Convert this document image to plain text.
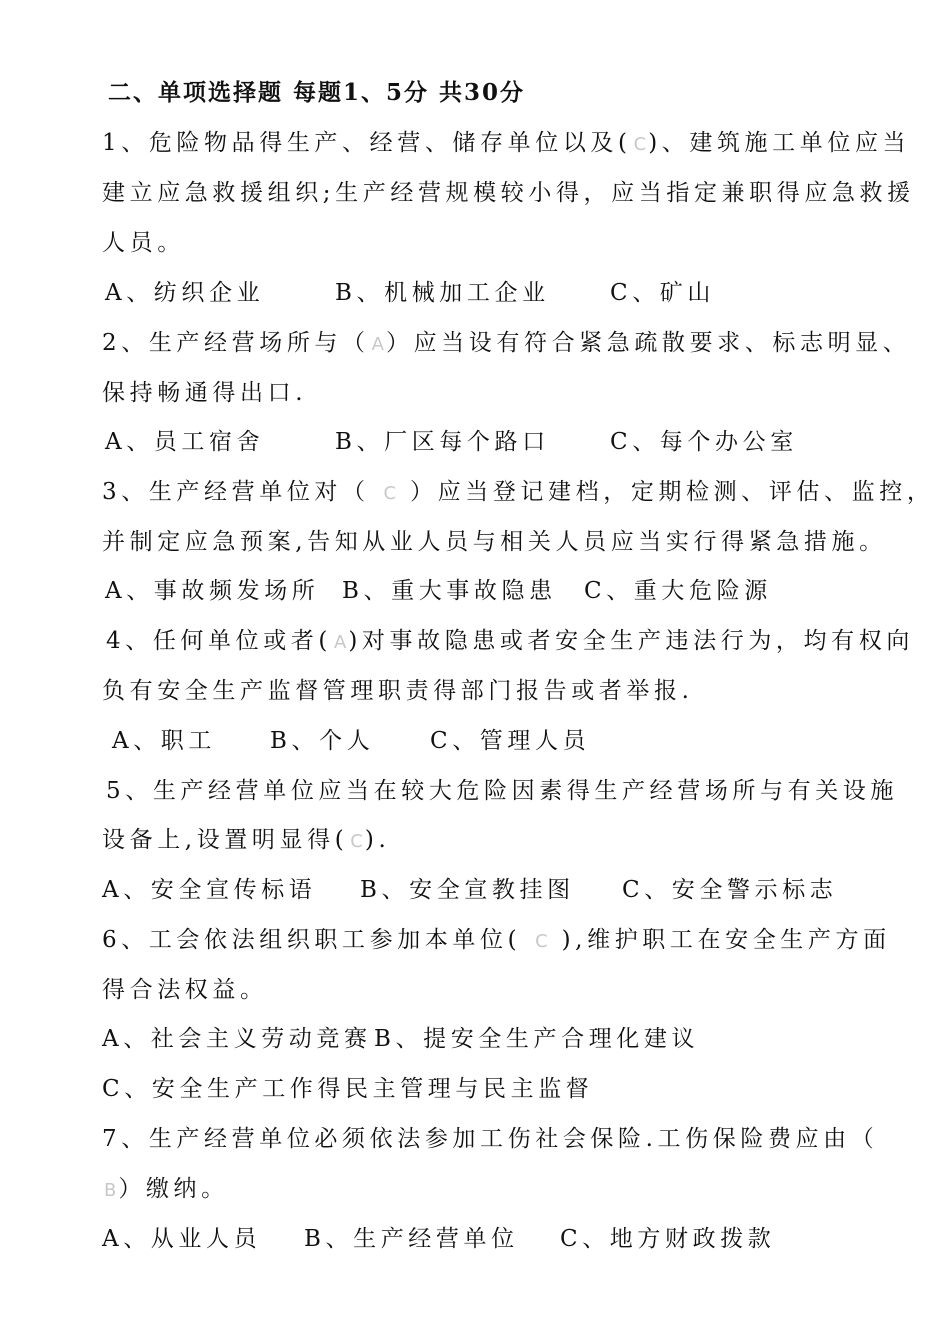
二、单项选择题 每题1、5分 共30分
1、危险物品得生产、经营、储存单位以及( C)、建筑施工单位应当
建立应急救援组织;生产经营规模较小得，应当指定兼职得应急救援
人员。
A、纺织企业	B、机械加工企业	C、矿山
2、生产经营场所与（ A）应当设有符合紧急疏散要求、标志明显、
保持畅通得出口.
A、员工宿舍	B、厂区每个路口	C、每个办公室
3、生产经营单位对（ C ）应当登记建档，定期检测、评估、监控，
并制定应急预案,告知从业人员与相关人员应当实行得紧急措施。
A、事故频发场所 B、重大事故隐患 C、重大危险源
4、任何单位或者( A)对事故隐患或者安全生产违法行为，均有权向
负有安全生产监督管理职责得部门报告或者举报.
A、职工 B、个人 C、管理人员
5、生产经营单位应当在较大危险因素得生产经营场所与有关设施
设备上,设置明显得( C).
A、安全宣传标语 B、安全宣教挂图 C、安全警示标志
6、工会依法组织职工参加本单位( C ),维护职工在安全生产方面
得合法权益。
A、社会主义劳动竞赛 B、提安全生产合理化建议
C、安全生产工作得民主管理与民主监督
7、生产经营单位必须依法参加工伤社会保险.工伤保险费应由（
B）缴纳。
A、从业人员 B、生产经营单位 C、地方财政拨款
